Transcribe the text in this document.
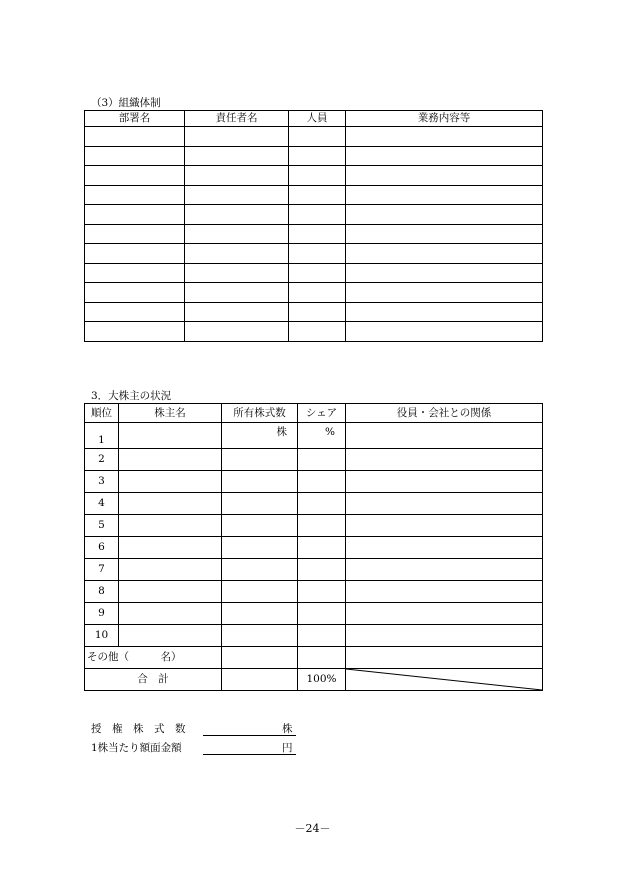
（3）組織体制
部署名	責任者名	人員	業務内容等

3．大株主の状況
順位	株主名	所有株式数	シェア	役員・会社との関係
1		株	%	
2				
3				
4				
5				
6				
7				
8				
9				
10				
その他（　　　名）				
合　計			100%	
授　権　株　式　数	株
1株当たり額面金額	円
－24－
